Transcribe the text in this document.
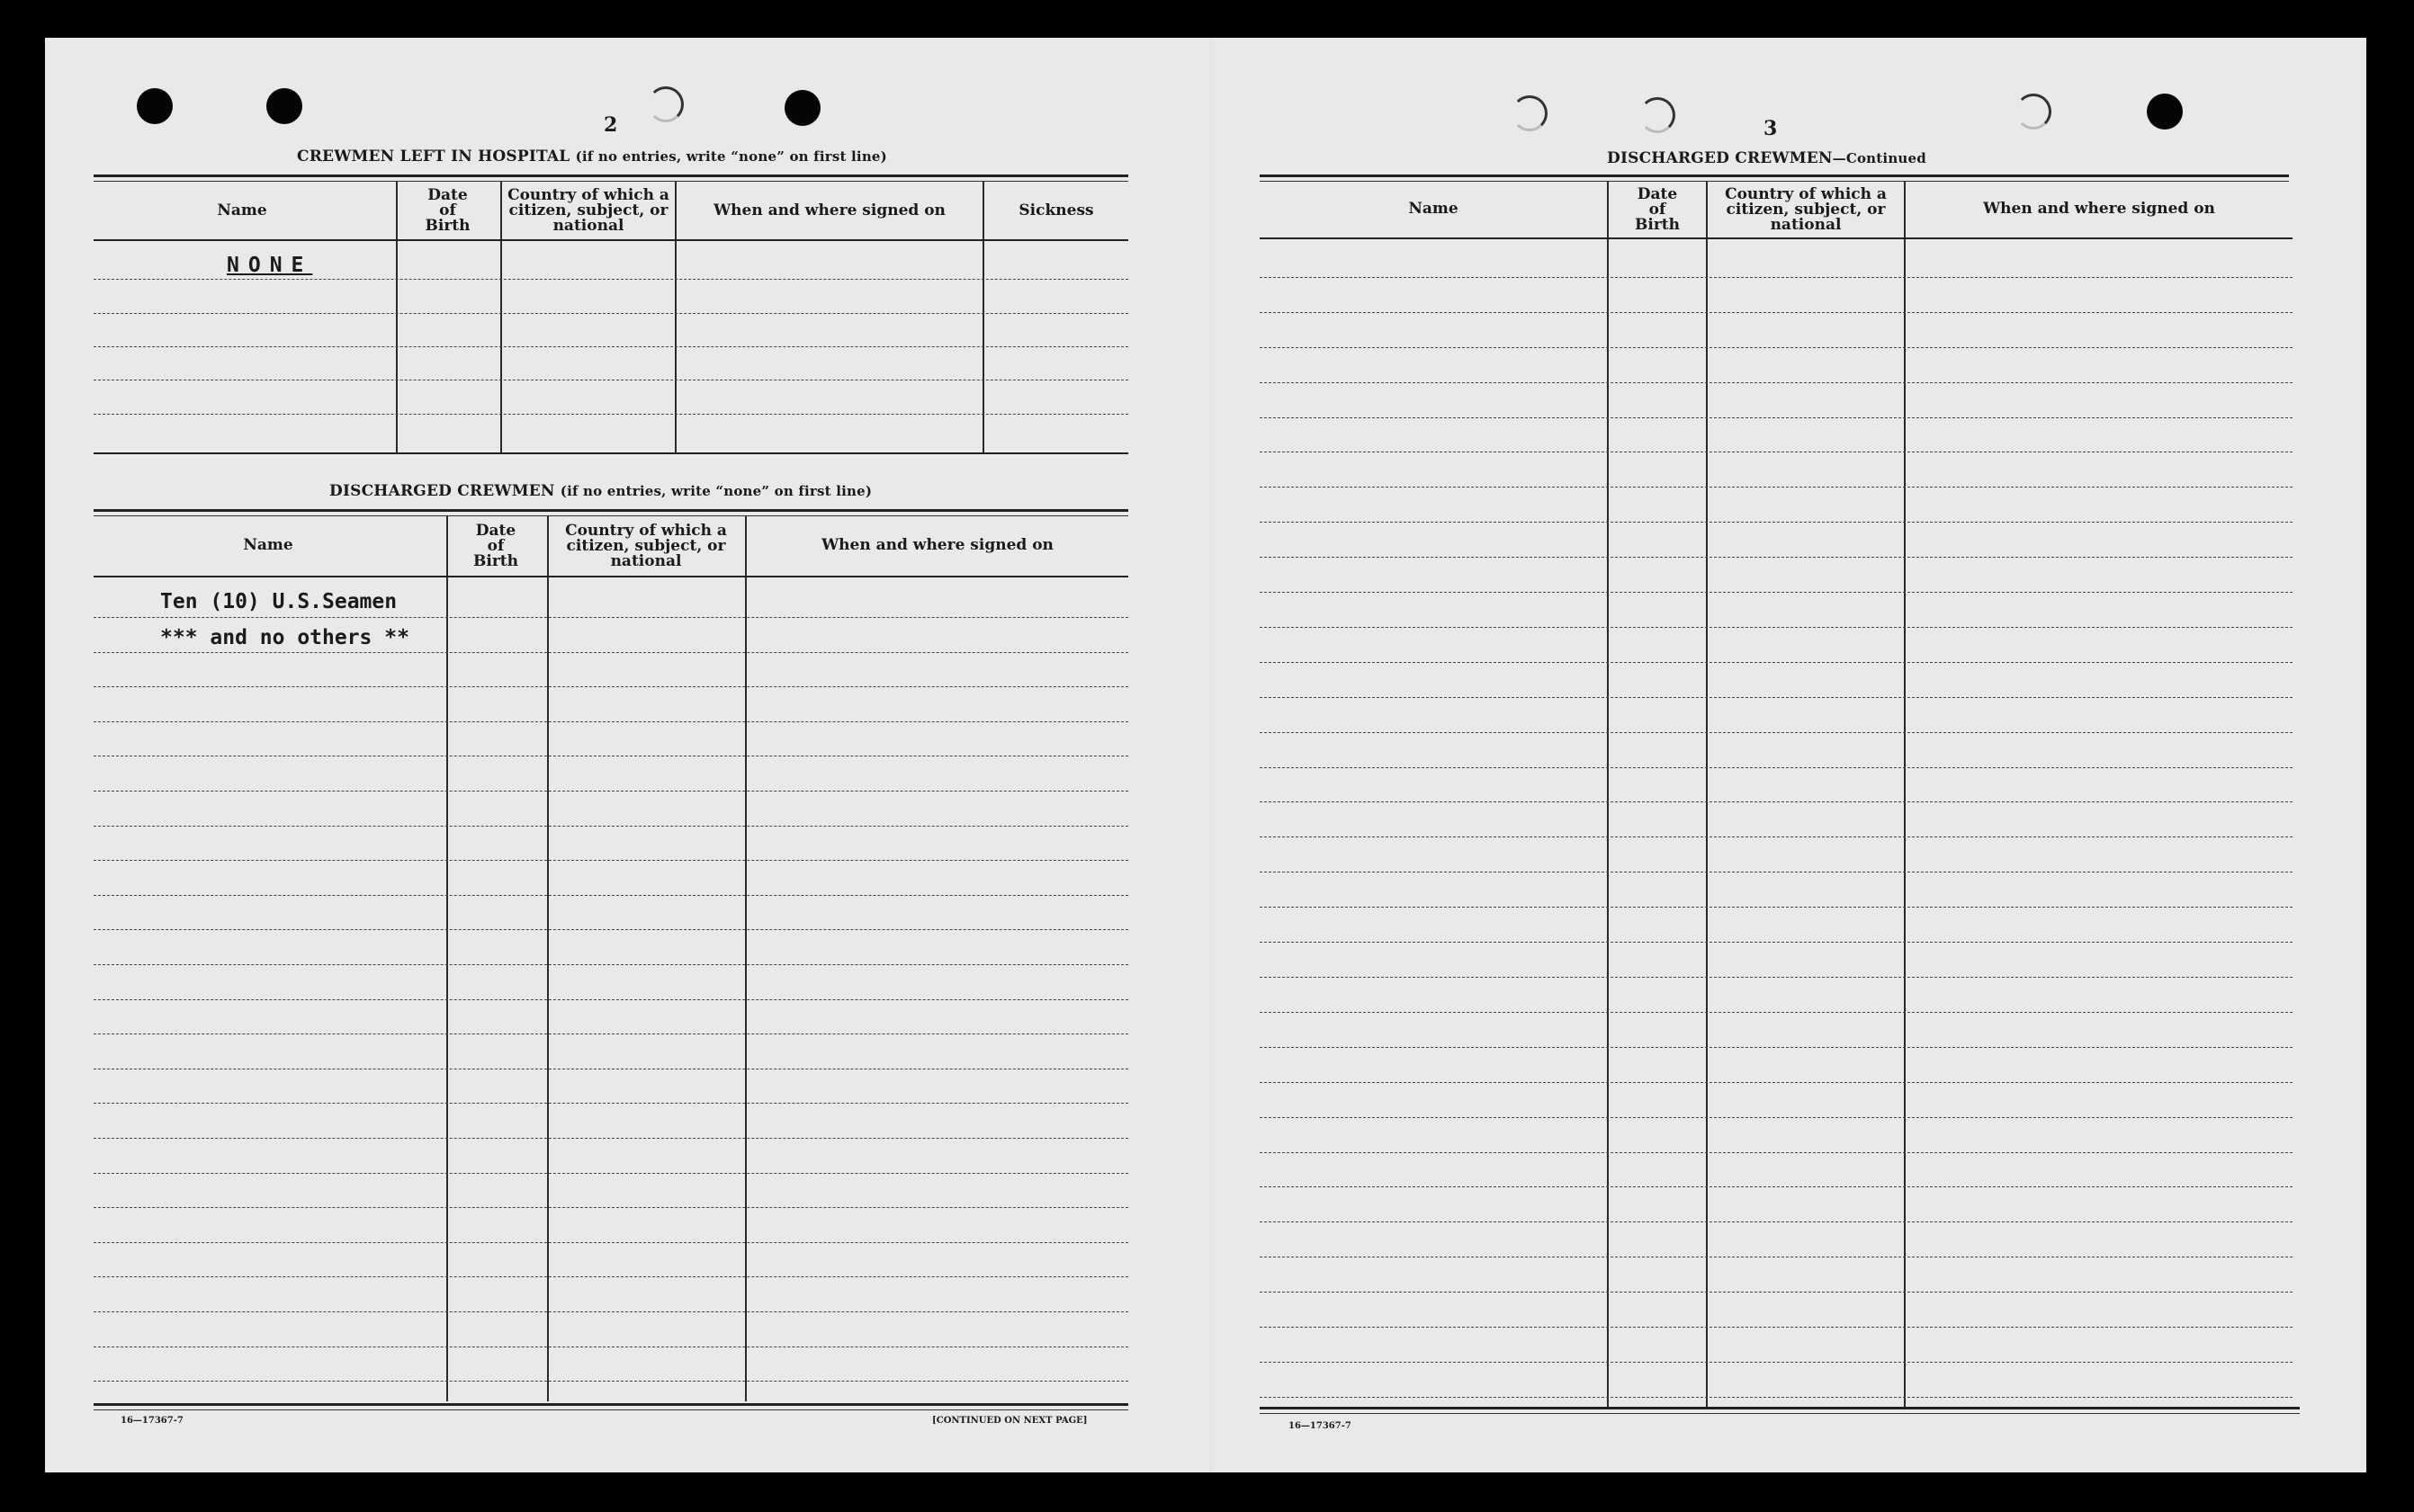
2
CREWMEN LEFT IN HOSPITAL (if no entries, write “none” on first line)
Name
Date
of
Birth
Country of which a
citizen, subject, or
national
When and where signed on	Sickness
NONE
DISCHARGED CREWMEN (if no entries, write “none” on first line)
Name
Date
of
Birth
Country of which a
citizen, subject, or
national
When and where signed on
Ten (10) U.S.Seamen
*** and no others **
16—17367-7	[CONTINUED ON NEXT PAGE]
3
DISCHARGED CREWMEN—Continued
Name
Date
of
Birth
Country of which a
citizen, subject, or
national
When and where signed on
16—17367-7
